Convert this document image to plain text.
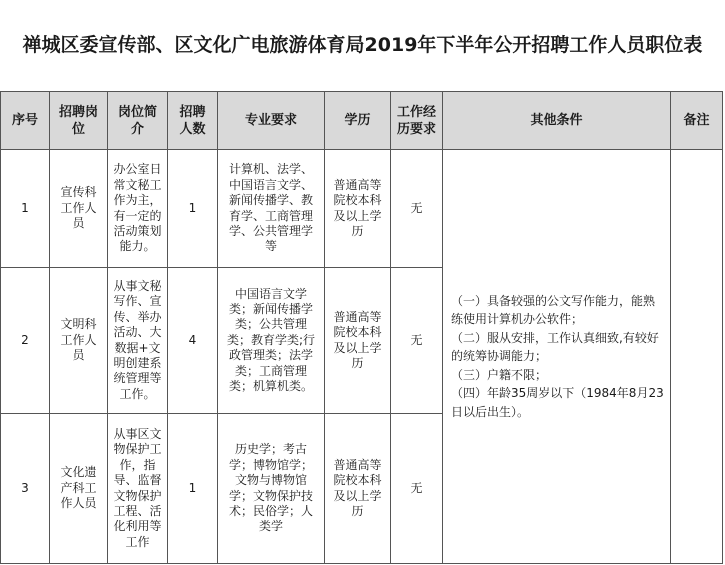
禅城区委宣传部、区文化广电旅游体育局2019年下半年公开招聘工作人员职位表
序号	招聘岗位	岗位简介	招聘人数	专业要求	学历	工作经历要求	其他条件	备注
1	宣传科工作人员	办公室日常文秘工作为主，有一定的活动策划能力。	1	计算机、法学、中国语言文学、新闻传播学、教育学、工商管理学、公共管理学等	普通高等院校本科及以上学历	无	（一）具备较强的公文写作能力，能熟练使用计算机办公软件；
（二）服从安排，工作认真细致,有较好的统筹协调能力；
（三）户籍不限；
（四）年龄35周岁以下（1984年8月23日以后出生）。	

2	文明科工作人员	从事文秘写作、宣传、举办活动、大数据+文明创建系统管理等工作。	4	中国语言文学类；新闻传播学类；公共管理类；教育学类;行政管理类；法学类；工商管理类；机算机类。	普通高等院校本科及以上学历	无		
3	文化遗产科工作人员	从事区文物保护工作，指导、监督文物保护工程、活化利用等工作	1	历史学；考古学；博物馆学；文物与博物馆学；文物保护技术；民俗学；人类学	普通高等院校本科及以上学历	无		
